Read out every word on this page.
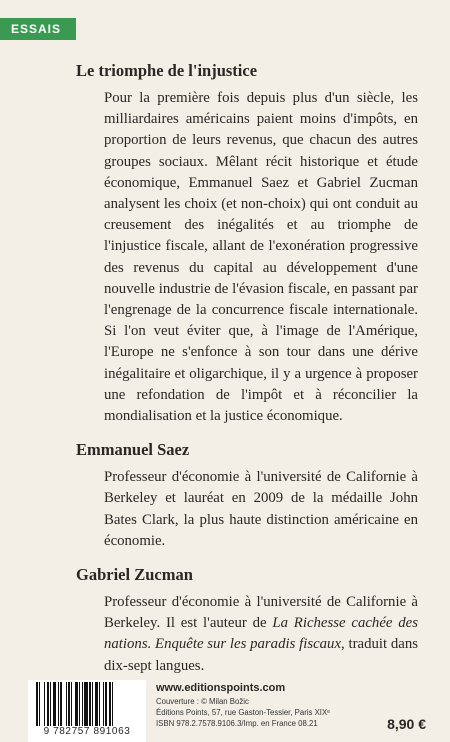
ESSAIS
Le triomphe de l'injustice

Pour la première fois depuis plus d'un siècle, les milliardaires américains paient moins d'impôts, en proportion de leurs revenus, que chacun des autres groupes sociaux. Mêlant récit historique et étude économique, Emmanuel Saez et Gabriel Zucman analysent les choix (et non-choix) qui ont conduit au creusement des inégalités et au triomphe de l'injustice fiscale, allant de l'exonération progressive des revenus du capital au développement d'une nouvelle industrie de l'évasion fiscale, en passant par l'engrenage de la concurrence fiscale internationale. Si l'on veut éviter que, à l'image de l'Amérique, l'Europe ne s'enfonce à son tour dans une dérive inégalitaire et oligarchique, il y a urgence à proposer une refondation de l'impôt et à réconcilier la mondialisation et la justice économique.

Emmanuel Saez

Professeur d'économie à l'université de Californie à Berkeley et lauréat en 2009 de la médaille John Bates Clark, la plus haute distinction américaine en économie.

Gabriel Zucman

Professeur d'économie à l'université de Californie à Berkeley. Il est l'auteur de La Richesse cachée des nations. Enquête sur les paradis fiscaux, traduit dans dix-sept langues.

9 782757 891063
www.editionspoints.com
Couverture : © Milan Božic
Éditions Points, 57, rue Gaston-Tessier, Paris XIXᵉ
ISBN 978.2.7578.9106.3/Imp. en France 08.21	8,90 €
